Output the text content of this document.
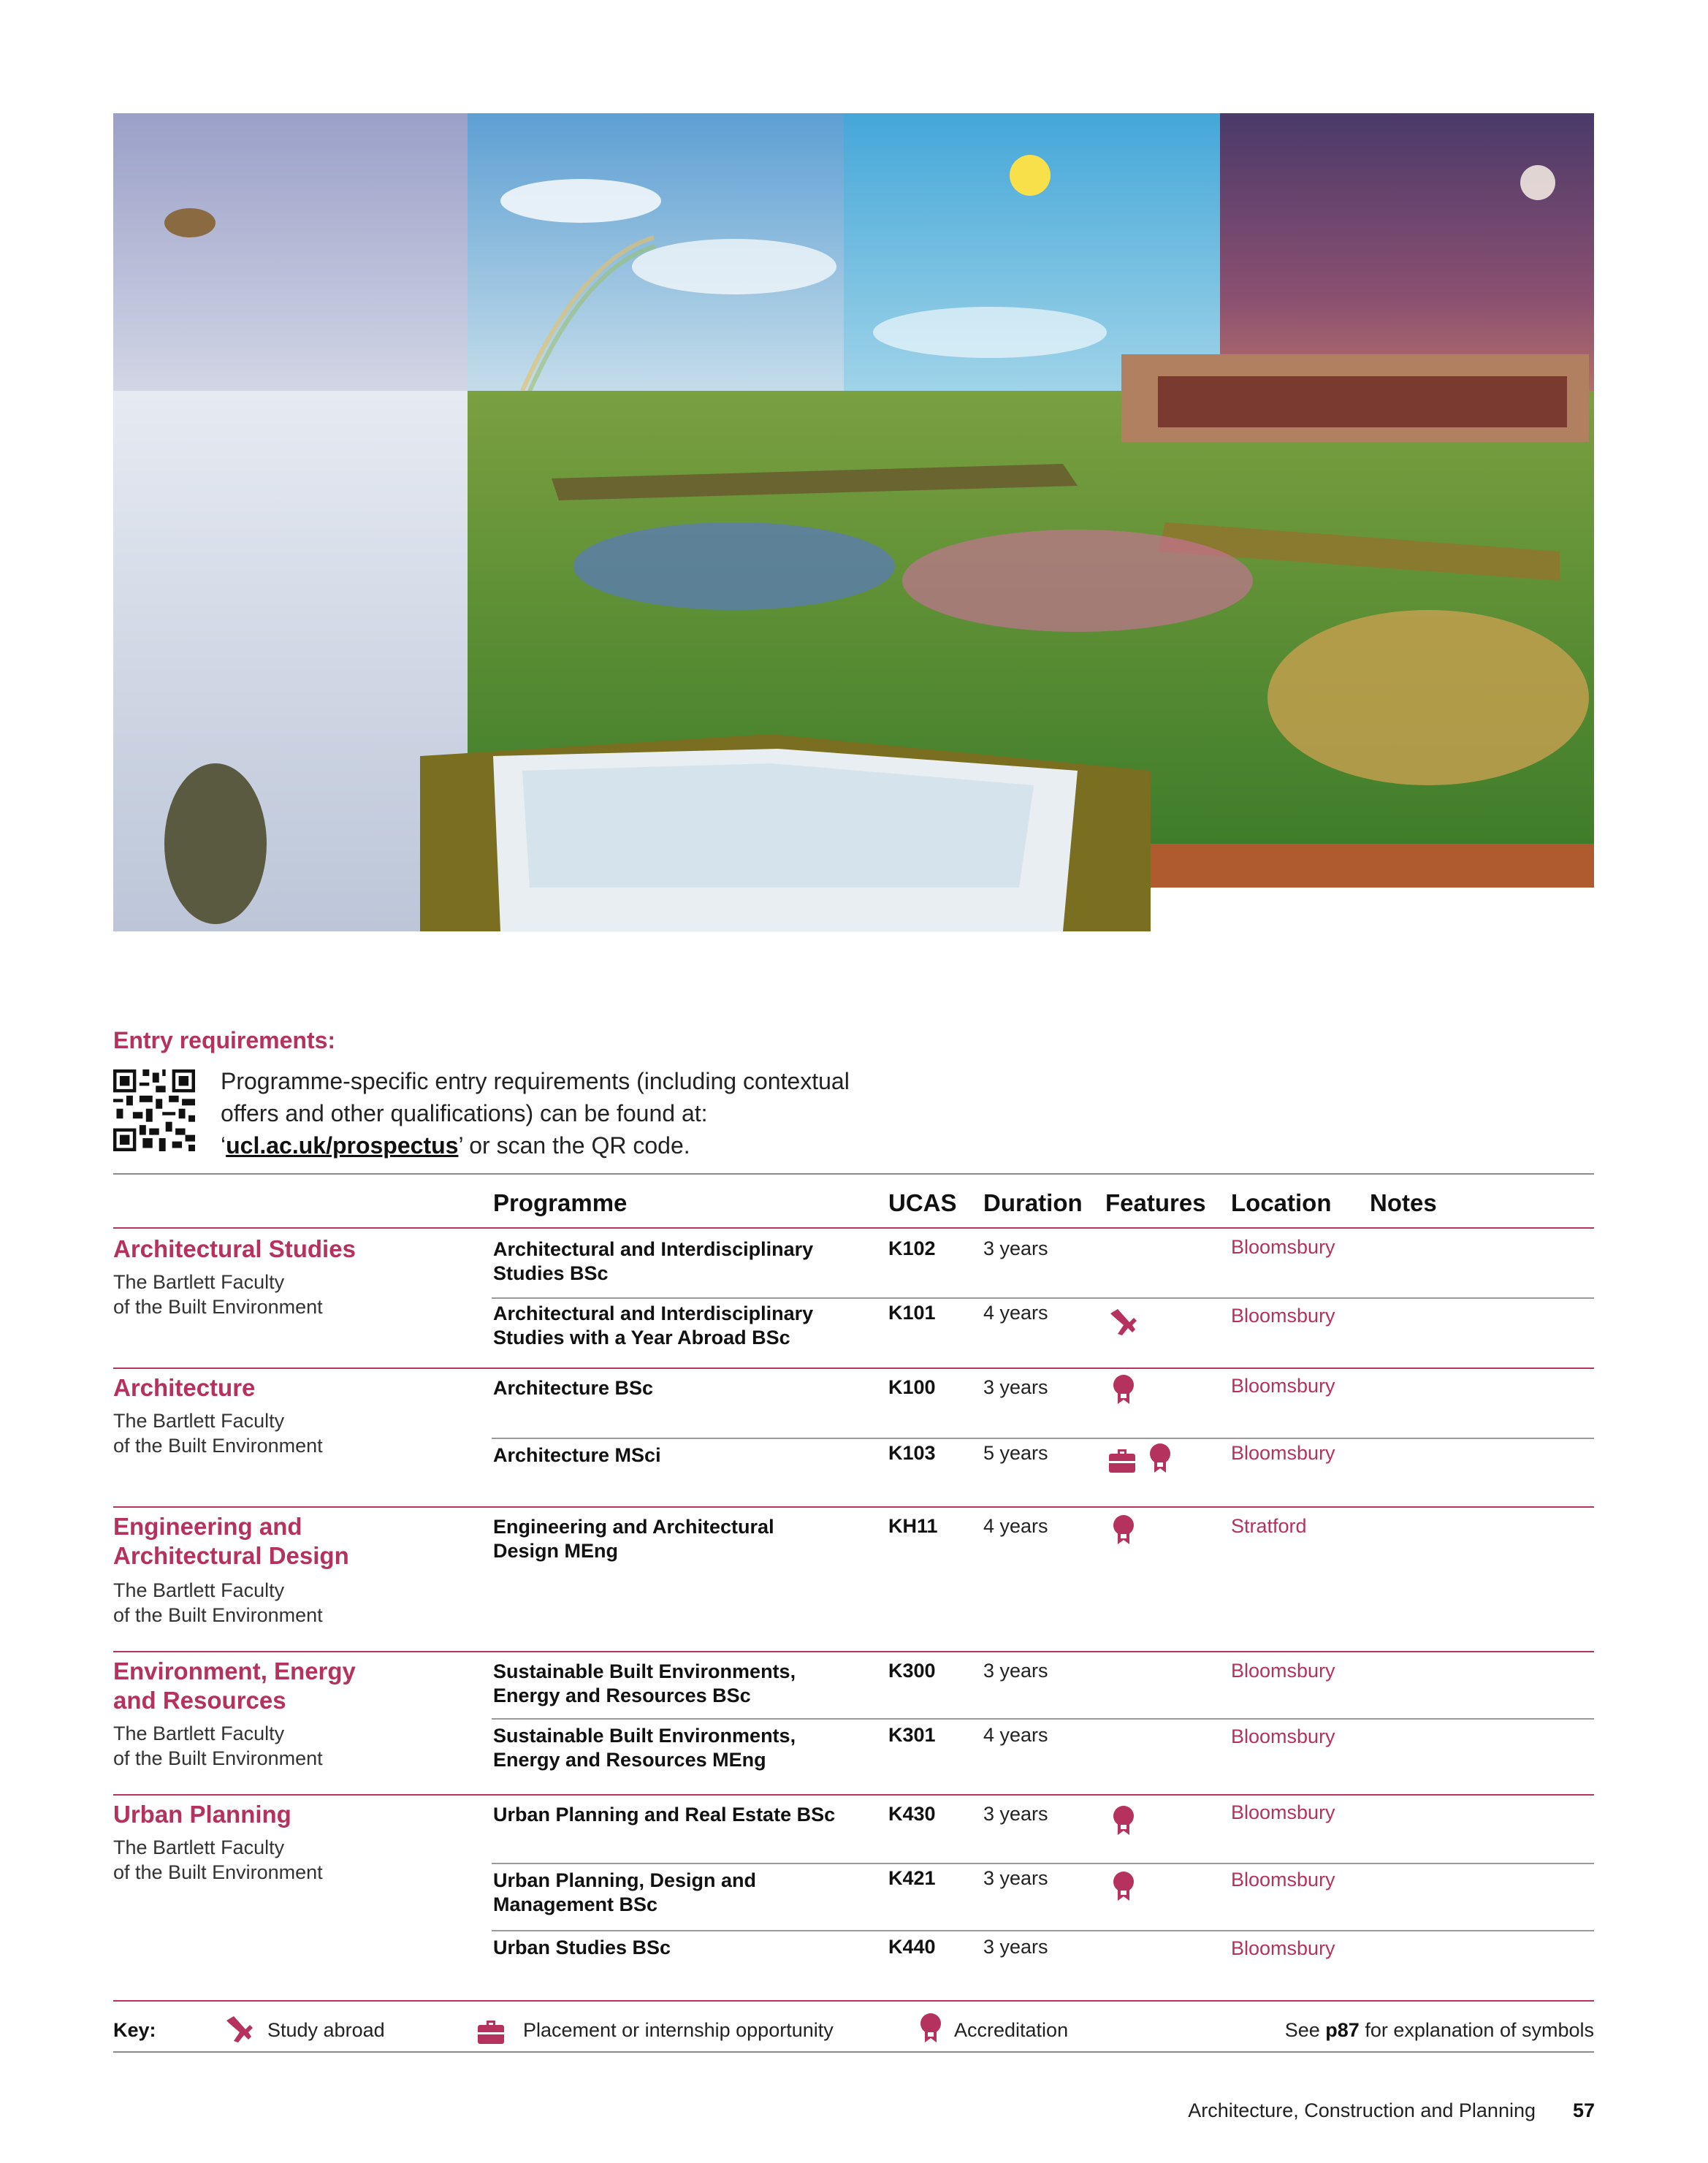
Entry requirements:
Programme-specific entry requirements (including contextual offers and other qualifications) can be found at: ‘ucl.ac.uk/prospectus’ or scan the QR code.
Programme	UCAS Duration Features Location Notes
Architectural Studies
The Bartlett Faculty
of the Built Environment
Architectural and Interdisciplinary
Studies BSc
K102 3 years	Bloomsbury
Architectural and Interdisciplinary
Studies with a Year Abroad BSc
K101 4 years	Bloomsbury
Architecture
The Bartlett Faculty
of the Built Environment
Architecture BSc	K100 3 years	Bloomsbury
Architecture MSci	K103 5 years	Bloomsbury
Engineering and
Architectural Design
The Bartlett Faculty
of the Built Environment
Engineering and Architectural
Design MEng
KH11 4 years	Stratford
Environment, Energy
and Resources
The Bartlett Faculty
of the Built Environment
Sustainable Built Environments,
Energy and Resources BSc
K300 3 years	Bloomsbury
Sustainable Built Environments,
Energy and Resources MEng
K301 4 years	Bloomsbury
Urban Planning
The Bartlett Faculty
of the Built Environment
Urban Planning and Real Estate BSc	K430 3 years	Bloomsbury
Urban Planning, Design and
Management BSc
K421 3 years	Bloomsbury
Urban Studies BSc	K440 3 years	Bloomsbury
Key:	Study abroad	Placement or internship opportunity	Accreditation	See p87 for explanation of symbols
Architecture, Construction and Planning 57
